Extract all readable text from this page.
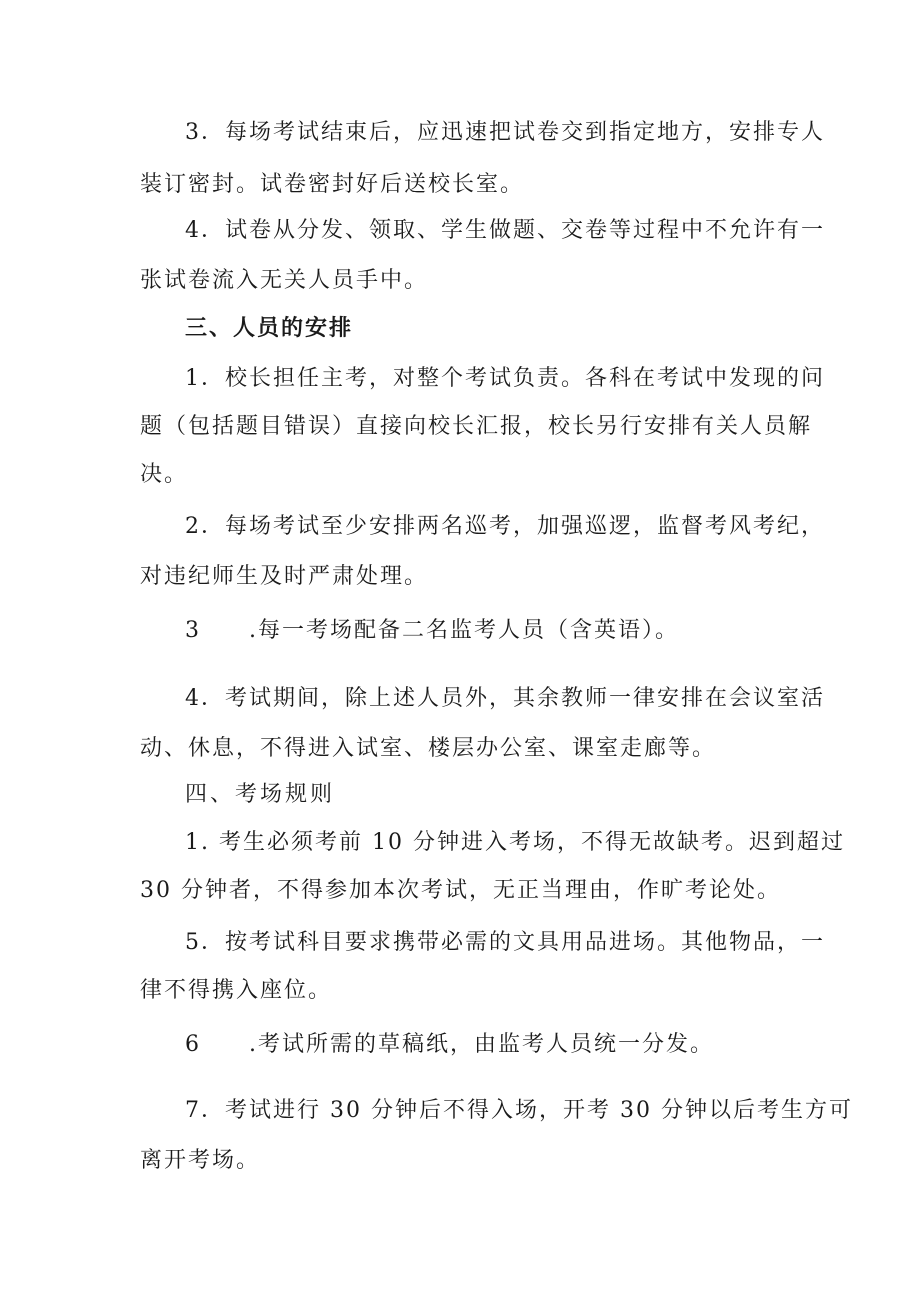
3．每场考试结束后，应迅速把试卷交到指定地方，安排专人
装订密封。试卷密封好后送校长室。
4．试卷从分发、领取、学生做题、交卷等过程中不允许有一
张试卷流入无关人员手中。
三、人员的安排
1．校长担任主考，对整个考试负责。各科在考试中发现的问
题（包括题目错误）直接向校长汇报，校长另行安排有关人员解
决。
2．每场考试至少安排两名巡考，加强巡逻，监督考风考纪，
对违纪师生及时严肃处理。
3　　.每一考场配备二名监考人员（含英语）。
4．考试期间，除上述人员外，其余教师一律安排在会议室活
动、休息，不得进入试室、楼层办公室、课室走廊等。
四、考场规则
1. 考生必须考前 10 分钟进入考场，不得无故缺考。迟到超过
30 分钟者，不得参加本次考试，无正当理由，作旷考论处。
5．按考试科目要求携带必需的文具用品进场。其他物品，一
律不得携入座位。
6　　.考试所需的草稿纸，由监考人员统一分发。
7．考试进行 30 分钟后不得入场，开考 30 分钟以后考生方可
离开考场。
